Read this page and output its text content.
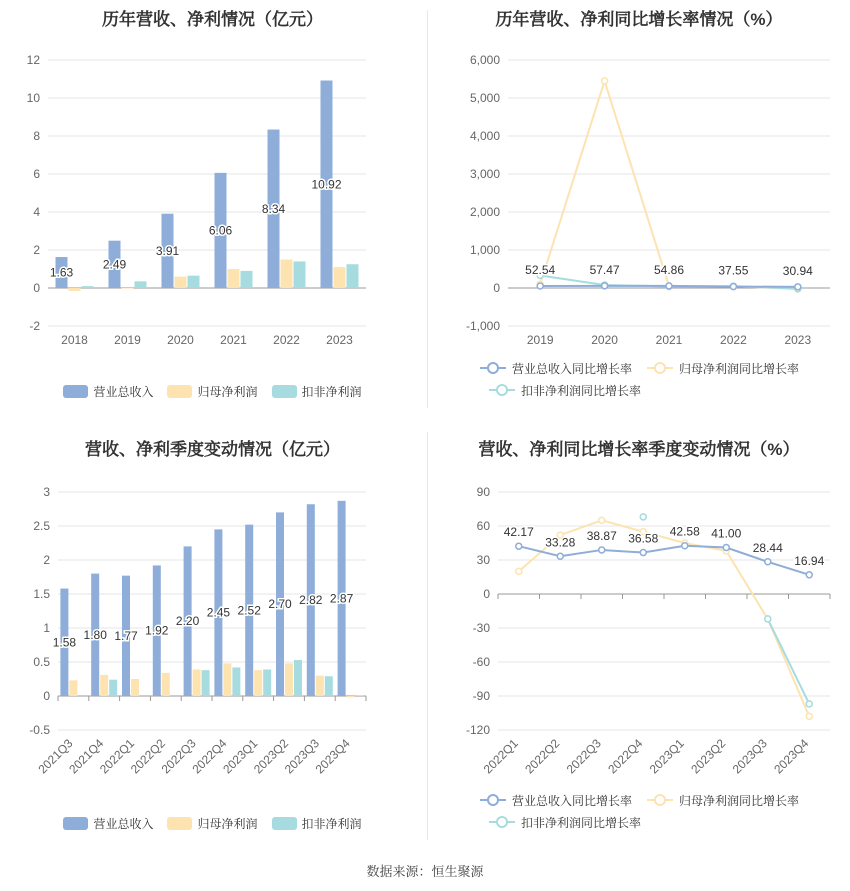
历年营收、净利情况（亿元）
-2
0
2
4
6
8
10
12
2018 2019 2020 2021 2022 2023
1.63
2.49
3.91
6.06
8.34
10.92
营业总收入	归母净利润	扣非净利润
历年营收、净利同比增长率情况（%）
-1,000
0
1,000
2,000
3,000
4,000
5,000
6,000
2019	2020	2021	2022	2023
52.54	57.47	54.86	37.55	30.94
营业总收入同比增长率	归母净利润同比增长率
扣非净利润同比增长率
营收、净利季度变动情况（亿元）
-0.5
0
0.5
1
1.5
2
2.5
3
2021Q3
2021Q4
2022Q1
2022Q2
2022Q3
2022Q4
2023Q1
2023Q2
2023Q3
2023Q4
1.58
1.80 1.77 1.92
2.20
2.45 2.52 2.70 2.82 2.87
营业总收入	归母净利润	扣非净利润
营收、净利同比增长率季度变动情况（%）
-120
-90
-60
-30
0
30
60
90
2022Q1 2022Q2 2022Q3 2022Q4 2023Q1 2023Q2 2023Q3 2023Q4
42.17
33.28 38.87 36.58 42.58 41.00
28.44
16.94
营业总收入同比增长率	归母净利润同比增长率
扣非净利润同比增长率
数据来源：恒生聚源
